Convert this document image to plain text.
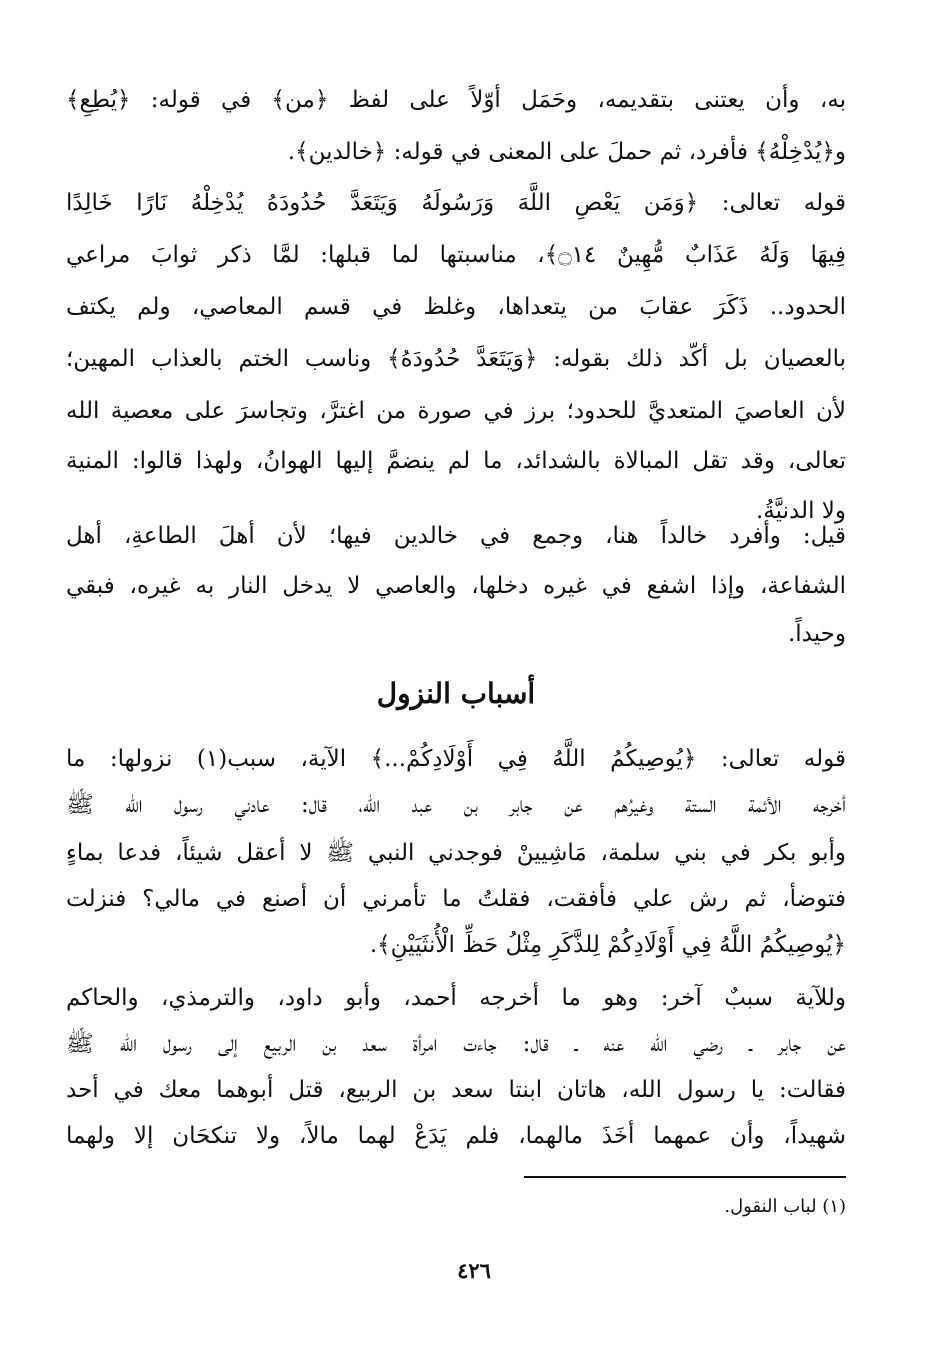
به، وأن يعتنى بتقديمه، وحَمَل أوّلاً على لفظ ﴿من﴾ في قوله: ﴿يُطِعِ﴾
و﴿يُدْخِلْهُ﴾ فأفرد، ثم حملَ على المعنى في قوله: ﴿خالدين﴾.
قوله تعالى: ﴿وَمَن يَعْصِ اللَّهَ وَرَسُولَهُ وَيَتَعَدَّ حُدُودَهُ يُدْخِلْهُ نَارًا خَالِدًا
فِيهَا وَلَهُ عَذَابٌ مُّهِينٌ ۝١٤﴾، مناسبتها لما قبلها: لمَّا ذكر ثوابَ مراعي
الحدود.. ذَكَرَ عقابَ من يتعداها، وغلظ في قسم المعاصي، ولم يكتف
بالعصيان بل أكّد ذلك بقوله: ﴿وَيَتَعَدَّ حُدُودَهُ﴾ وناسب الختم بالعذاب المهين؛
لأن العاصيَ المتعديَّ للحدود؛ برز في صورة من اغترَّ، وتجاسرَ على معصية الله
تعالى، وقد تقل المبالاة بالشدائد، ما لم ينضمَّ إليها الهوانُ، ولهذا قالوا: المنية
ولا الدنيَّةُ.
قيل: وأفرد خالداً هنا، وجمع في خالدين فيها؛ لأن أهلَ الطاعةِ، أهل
الشفاعة، وإذا اشفع في غيره دخلها، والعاصي لا يدخل النار به غيره، فبقي
وحيداً.
أسباب النزول
قوله تعالى: ﴿يُوصِيكُمُ اللَّهُ فِي أَوْلَادِكُمْ...﴾ الآية، سبب(١) نزولها: ما
أخرجه الأئمة الستة وغيرُهم عن جابر بن عبد الله، قال: عادني رسول الله ﷺ
وأبو بكر في بني سلمة، مَاشِيينْ فوجدني النبي ﷺ لا أعقل شيئاً، فدعا بماءٍ
فتوضأ، ثم رش علي فأفقت، فقلتُ ما تأمرني أن أصنع في مالي؟ فنزلت
﴿يُوصِيكُمُ اللَّهُ فِي أَوْلَادِكُمْ لِلذَّكَرِ مِثْلُ حَظِّ الْأُنثَيَيْنِ﴾.
وللآية سببٌ آخر: وهو ما أخرجه أحمد، وأبو داود، والترمذي، والحاكم
عن جابر ـ رضي الله عنه ـ قال: جاءت امرأة سعد بن الربيع إلى رسول الله ﷺ
فقالت: يا رسول الله، هاتان ابنتا سعد بن الربيع، قتل أبوهما معك في أحد
شهيداً، وأن عمهما أخَذَ مالهما، فلم يَدَعْ لهما مالاً، ولا تنكحَان إلا ولهما
(١) لباب النقول.
٤٢٦
